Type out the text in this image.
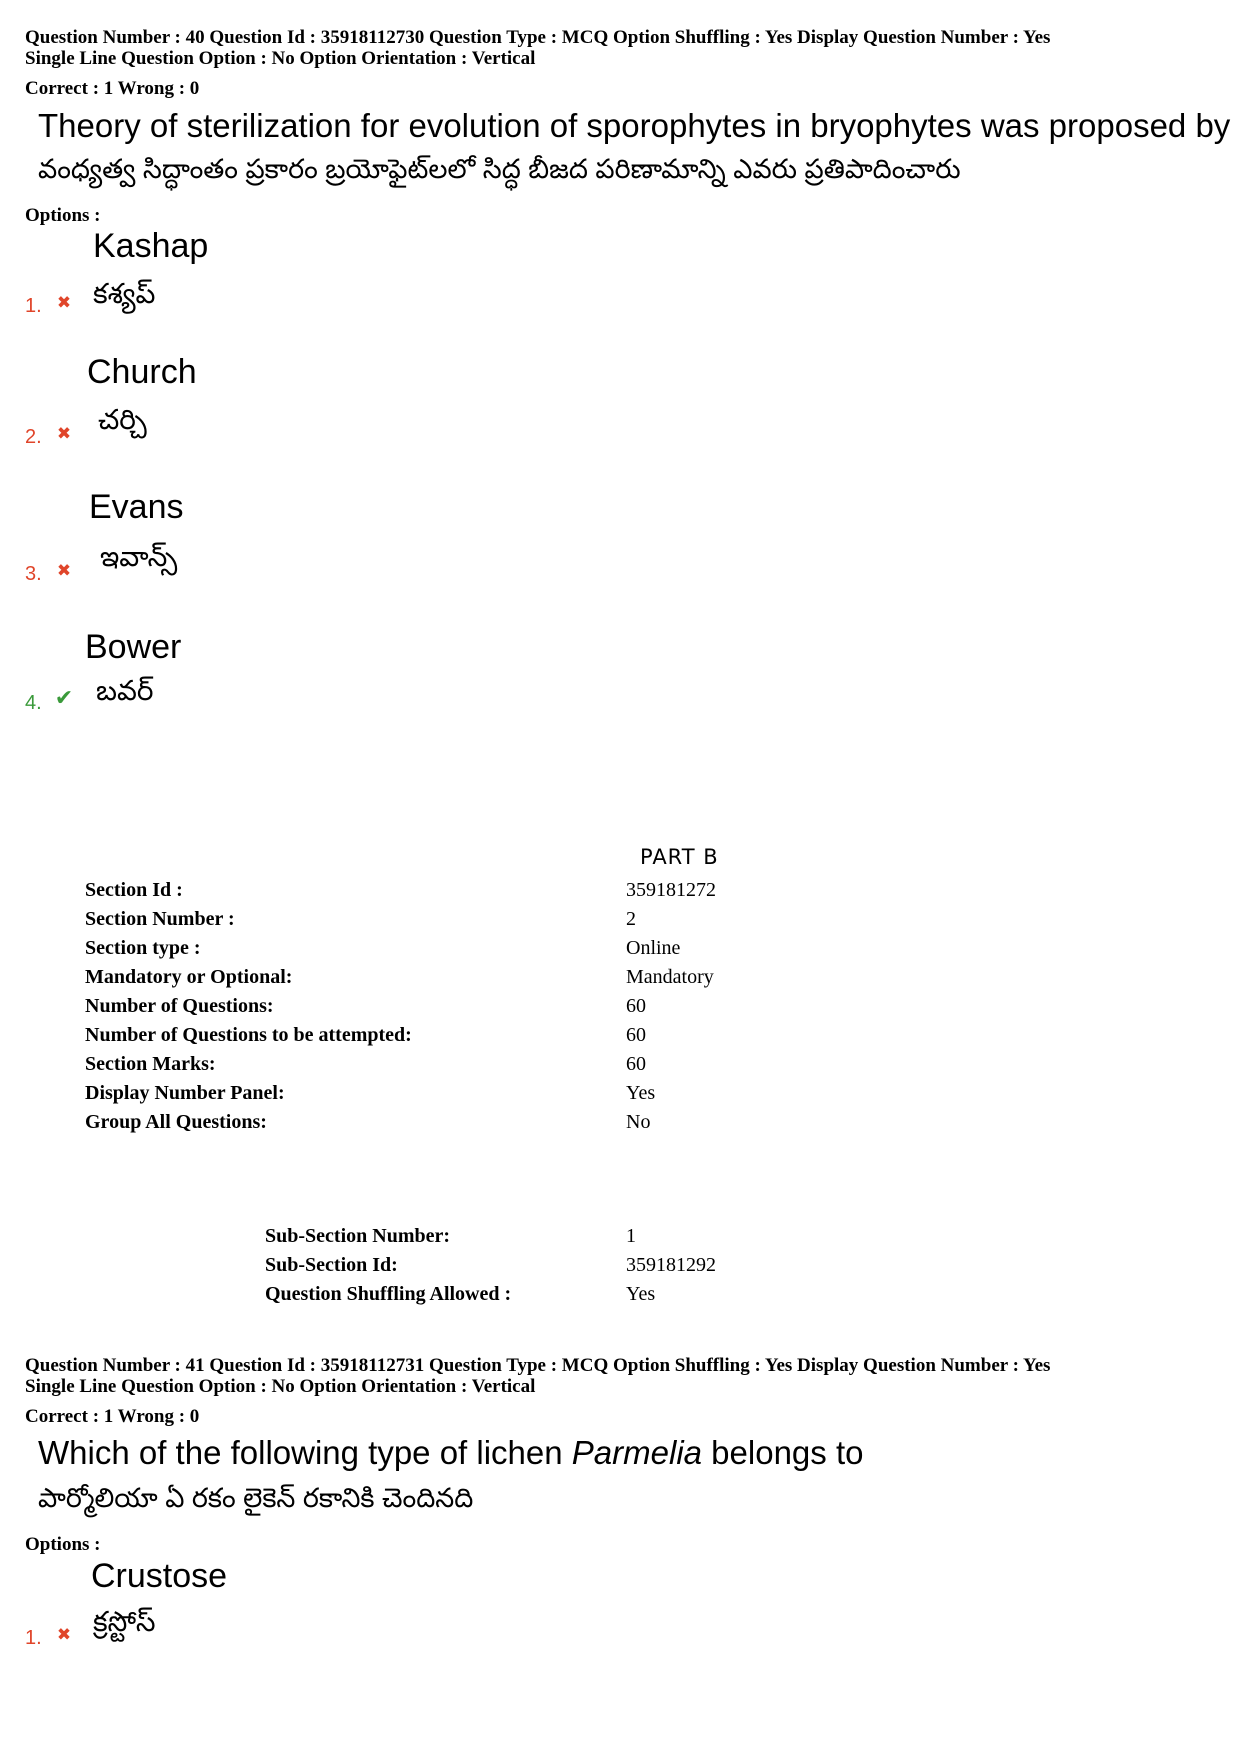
Question Number : 40 Question Id : 35918112730 Question Type : MCQ Option Shuffling : Yes Display Question Number : Yes
Single Line Question Option : No Option Orientation : Vertical
Correct : 1 Wrong : 0
Theory of sterilization for evolution of sporophytes in bryophytes was proposed by
వంధ్యత్వ సిద్ధాంతం ప్రకారం బ్రయోఫైట్‌లలో సిద్ధ బీజద పరిణామాన్ని ఎవరు ప్రతిపాదించారు
Options :
Kashap
కశ్యప్
1. ✖
Church
చర్చి
2. ✖
Evans
ఇవాన్స్
3. ✖
Bower
బవర్
4. ✔
PART B
Section Id :	359181272
Section Number :	2
Section type :	Online
Mandatory or Optional:	Mandatory
Number of Questions:	60
Number of Questions to be attempted:	60
Section Marks:	60
Display Number Panel:	Yes
Group All Questions:	No
Sub-Section Number:	1
Sub-Section Id:	359181292
Question Shuffling Allowed :	Yes
Question Number : 41 Question Id : 35918112731 Question Type : MCQ Option Shuffling : Yes Display Question Number : Yes
Single Line Question Option : No Option Orientation : Vertical
Correct : 1 Wrong : 0
Which of the following type of lichen Parmelia belongs to
పార్మోలియా ఏ రకం లైకెన్ రకానికి చెందినది
Options :
Crustose
క్రస్టోస్
1. ✖
